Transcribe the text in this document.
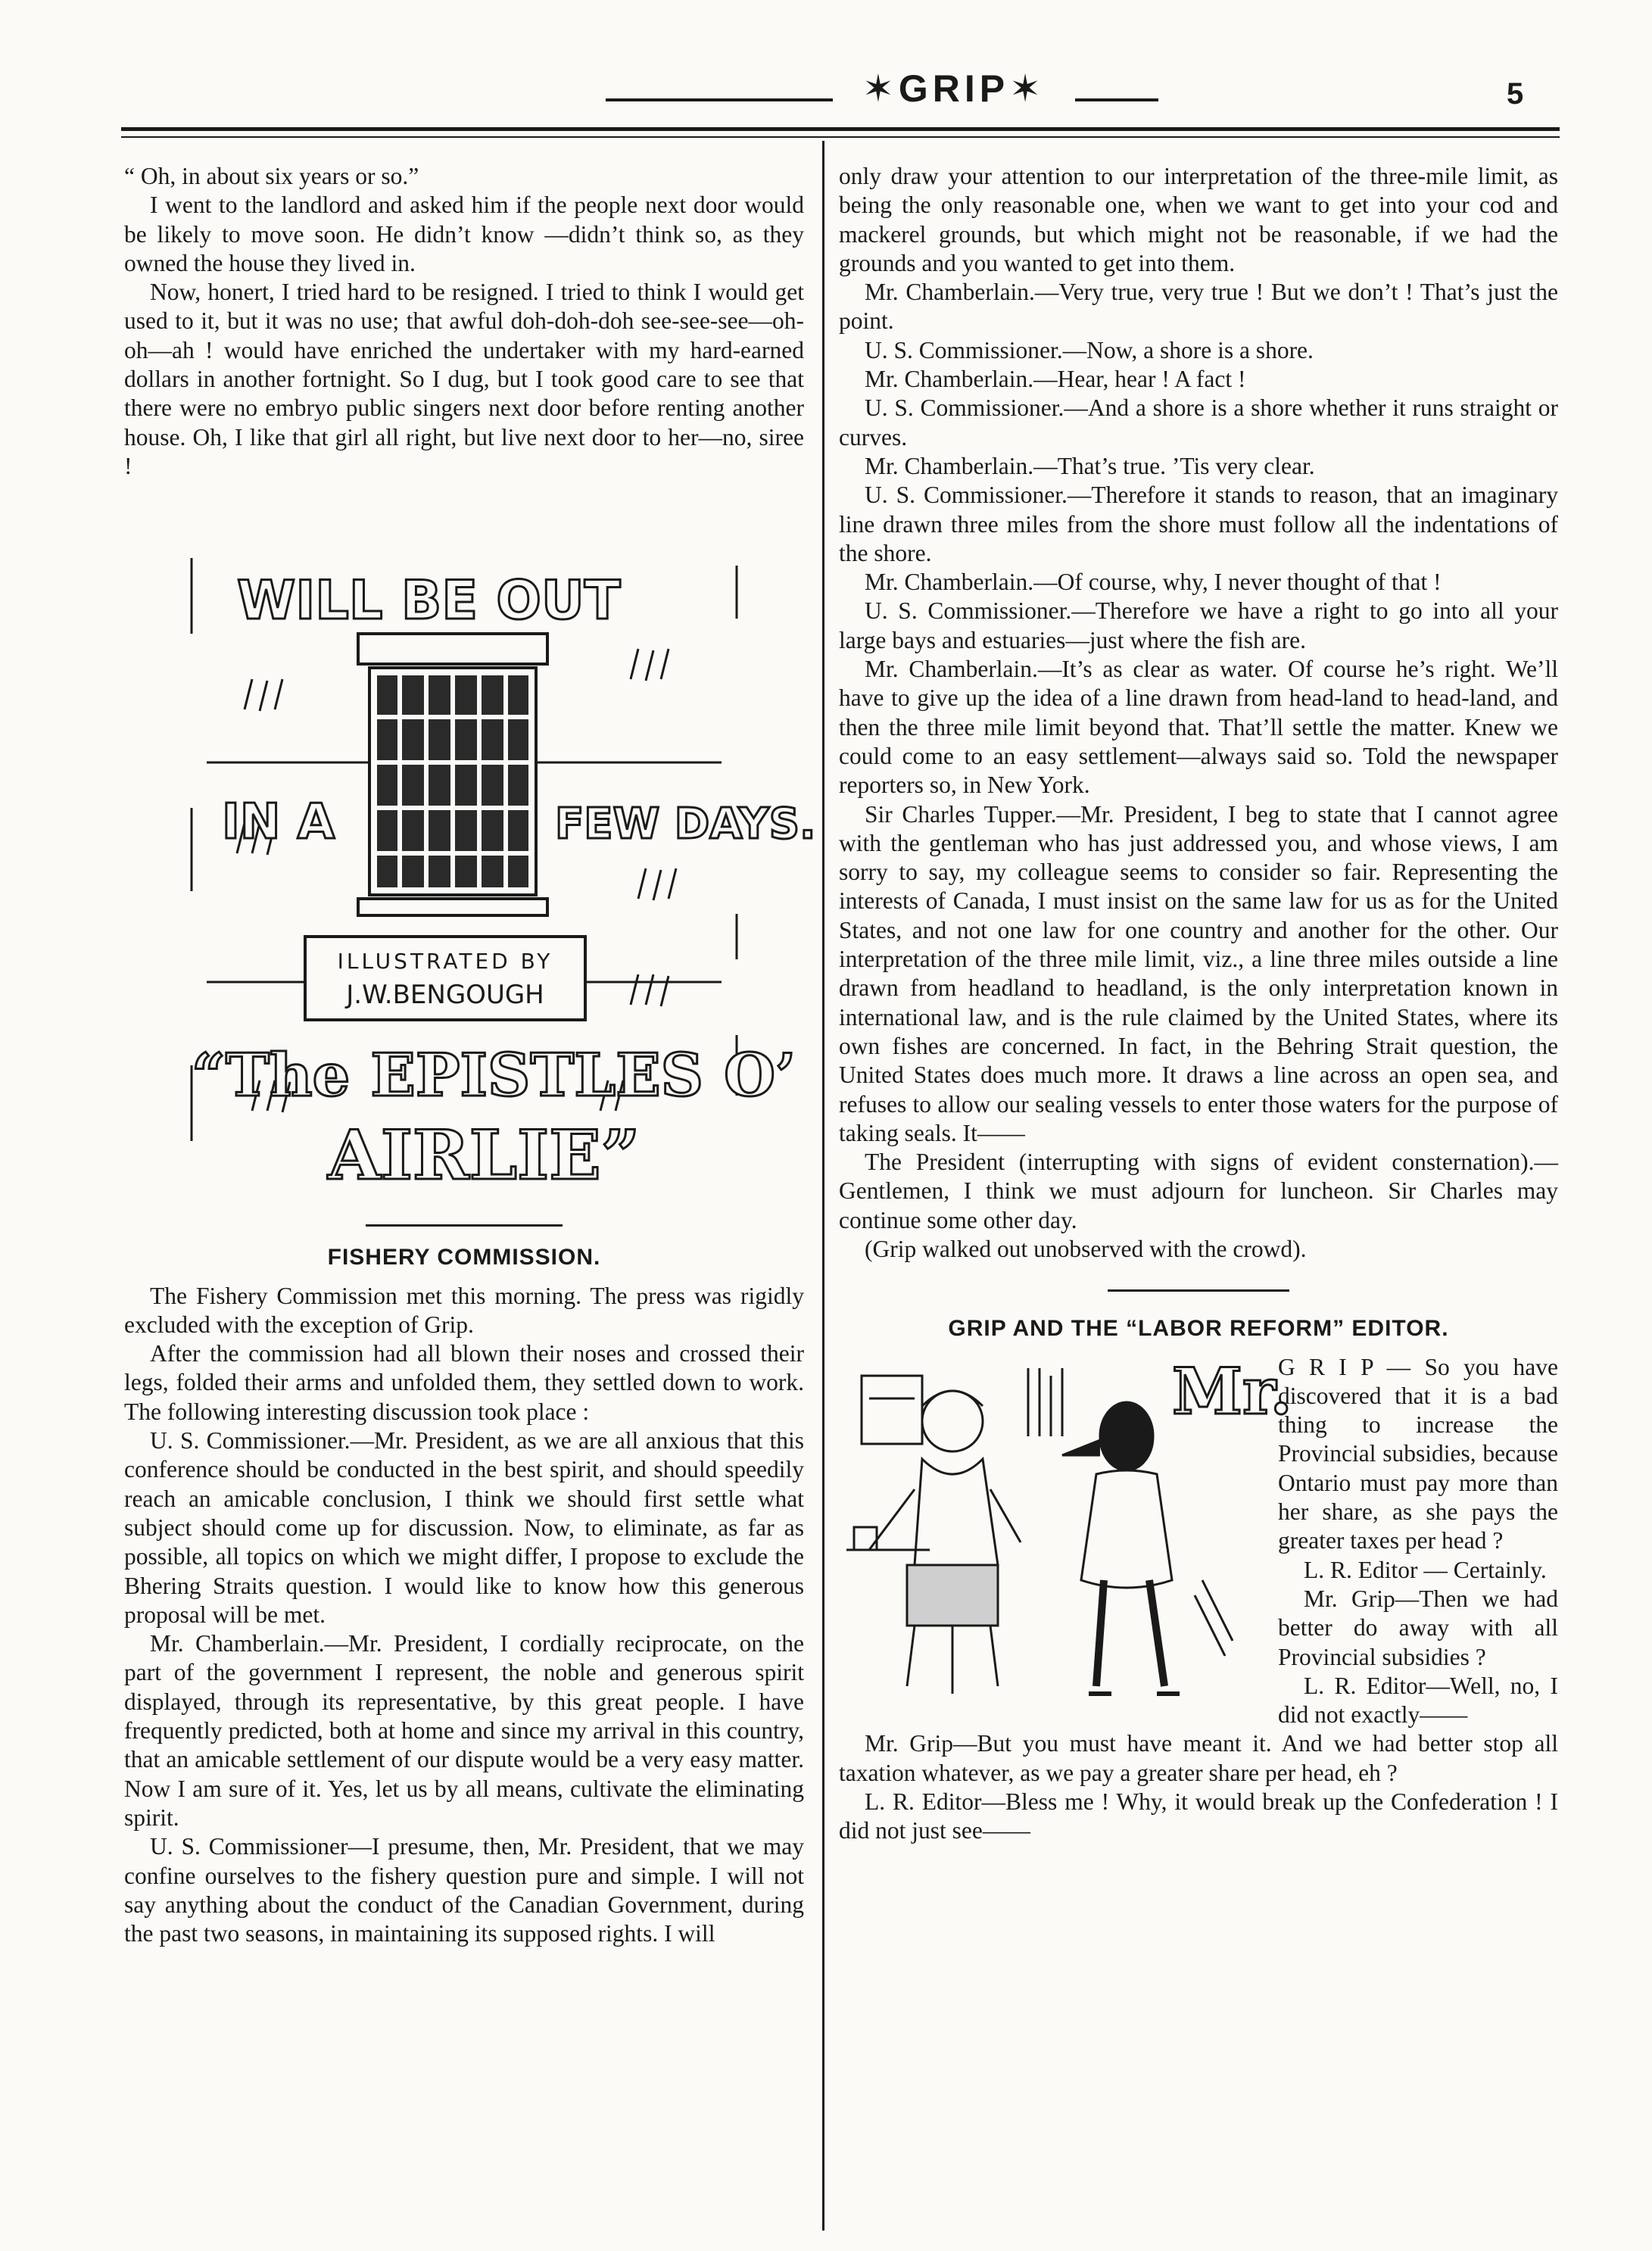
✶GRIP✶	5

“ Oh, in about six years or so.”

I went to the landlord and asked him if the people next door would be likely to move soon. He didn’t know —didn’t think so, as they owned the house they lived in.

Now, honert, I tried hard to be resigned. I tried to think I would get used to it, but it was no use; that awful doh-doh-doh see-see-see—oh-oh—ah ! would have enriched the undertaker with my hard-earned dollars in another fortnight. So I dug, but I took good care to see that there were no embryo public singers next door before renting another house. Oh, I like that girl all right, but live next door to her—no, siree !

WILL BE OUT
IN A	FEW DAYS.
ILLUSTRATED BY
J.W.BENGOUGH
“The EPISTLES O’
AIRLIE”
FISHERY COMMISSION.

The Fishery Commission met this morning. The press was rigidly excluded with the exception of Grip.

After the commission had all blown their noses and crossed their legs, folded their arms and unfolded them, they settled down to work. The following interesting discussion took place :

U. S. Commissioner.—Mr. President, as we are all anxious that this conference should be conducted in the best spirit, and should speedily reach an amicable conclusion, I think we should first settle what subject should come up for discussion. Now, to eliminate, as far as possible, all topics on which we might differ, I propose to exclude the Bhering Straits question. I would like to know how this generous proposal will be met.

Mr. Chamberlain.—Mr. President, I cordially reciprocate, on the part of the government I represent, the noble and generous spirit displayed, through its representative, by this great people. I have frequently predicted, both at home and since my arrival in this country, that an amicable settlement of our dispute would be a very easy matter. Now I am sure of it. Yes, let us by all means, cultivate the eliminating spirit.

U. S. Commissioner—I presume, then, Mr. President, that we may confine ourselves to the fishery question pure and simple. I will not say anything about the conduct of the Canadian Government, during the past two seasons, in maintaining its supposed rights. I will

only draw your attention to our interpretation of the three-mile limit, as being the only reasonable one, when we want to get into your cod and mackerel grounds, but which might not be reasonable, if we had the grounds and you wanted to get into them.

Mr. Chamberlain.—Very true, very true ! But we don’t ! That’s just the point.

U. S. Commissioner.—Now, a shore is a shore.

Mr. Chamberlain.—Hear, hear ! A fact !

U. S. Commissioner.—And a shore is a shore whether it runs straight or curves.

Mr. Chamberlain.—That’s true. ’Tis very clear.

U. S. Commissioner.—Therefore it stands to reason, that an imaginary line drawn three miles from the shore must follow all the indentations of the shore.

Mr. Chamberlain.—Of course, why, I never thought of that !

U. S. Commissioner.—Therefore we have a right to go into all your large bays and estuaries—just where the fish are.

Mr. Chamberlain.—It’s as clear as water. Of course he’s right. We’ll have to give up the idea of a line drawn from head-land to head-land, and then the three mile limit beyond that. That’ll settle the matter. Knew we could come to an easy settlement—always said so. Told the newspaper reporters so, in New York.

Sir Charles Tupper.—Mr. President, I beg to state that I cannot agree with the gentleman who has just addressed you, and whose views, I am sorry to say, my colleague seems to consider so fair. Representing the interests of Canada, I must insist on the same law for us as for the United States, and not one law for one country and another for the other. Our interpretation of the three mile limit, viz., a line three miles outside a line drawn from headland to headland, is the only interpretation known in international law, and is the rule claimed by the United States, where its own fishes are concerned. In fact, in the Behring Strait question, the United States does much more. It draws a line across an open sea, and refuses to allow our sealing vessels to enter those waters for the purpose of taking seals. It——

The President (interrupting with signs of evident consternation).—Gentlemen, I think we must adjourn for luncheon. Sir Charles may continue some other day.

(Grip walked out unobserved with the crowd).

GRIP AND THE “LABOR REFORM” EDITOR.
Mr.

G R I P — So you have discovered that it is a bad thing to increase the Provincial subsidies, because Ontario must pay more than her share, as she pays the greater taxes per head ?

L. R. Editor — Certainly.

Mr. Grip—Then we had better do away with all Provincial subsidies ?

L. R. Editor—Well, no, I did not exactly——

Mr. Grip—But you must have meant it. And we had better stop all taxation whatever, as we pay a greater share per head, eh ?

L. R. Editor—Bless me ! Why, it would break up the Confederation ! I did not just see——
